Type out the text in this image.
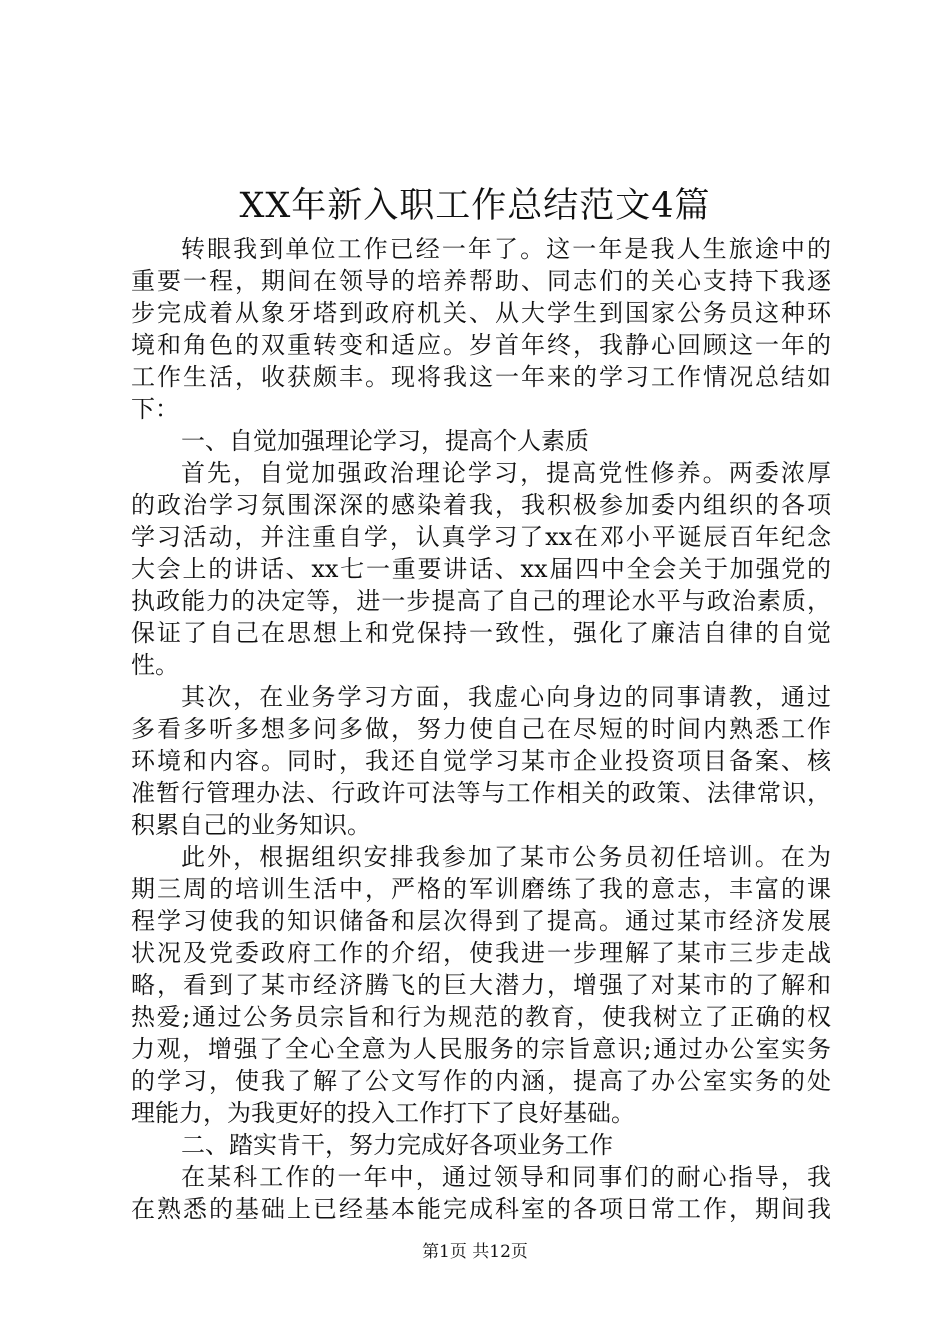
XX年新入职工作总结范文4篇
转眼我到单位工作已经一年了。这一年是我人生旅途中的
重要一程，期间在领导的培养帮助、同志们的关心支持下我逐
步完成着从象牙塔到政府机关、从大学生到国家公务员这种环
境和角色的双重转变和适应。岁首年终，我静心回顾这一年的
工作生活，收获颇丰。现将我这一年来的学习工作情况总结如
下：
一、自觉加强理论学习，提高个人素质
首先，自觉加强政治理论学习，提高党性修养。两委浓厚
的政治学习氛围深深的感染着我，我积极参加委内组织的各项
学习活动，并注重自学，认真学习了xx在邓小平诞辰百年纪念
大会上的讲话、xx七一重要讲话、xx届四中全会关于加强党的
执政能力的决定等，进一步提高了自己的理论水平与政治素质，
保证了自己在思想上和党保持一致性，强化了廉洁自律的自觉
性。
其次，在业务学习方面，我虚心向身边的同事请教，通过
多看多听多想多问多做，努力使自己在尽短的时间内熟悉工作
环境和内容。同时，我还自觉学习某市企业投资项目备案、核
准暂行管理办法、行政许可法等与工作相关的政策、法律常识，
积累自己的业务知识。
此外，根据组织安排我参加了某市公务员初任培训。在为
期三周的培训生活中，严格的军训磨练了我的意志，丰富的课
程学习使我的知识储备和层次得到了提高。通过某市经济发展
状况及党委政府工作的介绍，使我进一步理解了某市三步走战
略，看到了某市经济腾飞的巨大潜力，增强了对某市的了解和
热爱;通过公务员宗旨和行为规范的教育，使我树立了正确的权
力观，增强了全心全意为人民服务的宗旨意识;通过办公室实务
的学习，使我了解了公文写作的内涵，提高了办公室实务的处
理能力，为我更好的投入工作打下了良好基础。
二、踏实肯干，努力完成好各项业务工作
在某科工作的一年中，通过领导和同事们的耐心指导，我
在熟悉的基础上已经基本能完成科室的各项日常工作，期间我
第1页 共12页
